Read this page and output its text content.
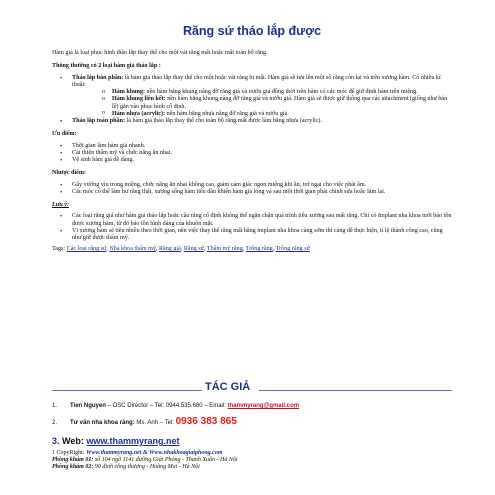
Răng sứ tháo lắp được

Hàm giả là loại phục hình tháo lắp thay thế cho một vài răng mất hoặc mất toàn bộ răng.

Thông thường có 2 loại hàm giả tháo lắp :

• Tháo lắp bán phần: là hàm giả tháo lắp thay thế cho một hoặc vài răng bị mất. Hàm giả sẽ tựa lên một số răng còn lại và trên xương hàm. Có nhiều kĩ thuật:
o Hàm khung: nền hàm bằng khung nâng đỡ răng giả và nướu giả đồng thời trên hàm có các móc để giữ định hàm trên miệng.
o Hàm khung liên kết: nền hàm bằng khung nâng đỡ răng giả và nướu giả. Hàm giả sẽ được giữ thông qua các attachment (giống như bản lề) gắn vào phục hình cố định.
o Hàm nhựa (acrylic): nền hàm bằng nhựa nâng đỡ răng giả và nướu giả
• Tháo lắp toàn phần: là hàm giả tháo lắp thay thế cho toàn bộ răng mất được làm bằng nhựa (acrylic).

Ưu điểm:

• Thời gian làm hàm giả nhanh.
• Cải thiện thẩm mỹ và chức năng ăn nhai.
• Vệ sinh hàm giả dễ dàng.

Nhược điểm:

• Gây vướng víu trong miệng, chức năng ăn nhai không cao, giảm cảm giác ngon miệng khi ăn, trở ngại cho việc phát âm.
• Các móc có thể làm hư răng thật, xương sống hàm tiêu dần khiến hàm giả lỏng và sau một thời gian phải chỉnh sửa hoặc làm lại.

Lưu ý:

• Các loại răng giả như hàm giả tháo lắp hoặc cầu răng cố định không thể ngăn chặn quá trình tiêu xương sau mất răng. Chỉ có Implant nha khoa mới bảo tồn được xương hàm, từ đó bảo tồn hình dáng của khuôn mặt.
• Vì xương hàm sẽ tiêu nhiều theo thời gian, nên việc thay thế răng mất bằng implant nha khoa càng sớm thì càng dễ thực hiện, tỉ lệ thành công cao, cũng như giữ được thẩm mỹ.
Tags: Các loại răng sứ, Nha khoa thẩm mỹ, Răng giả, Răng sứ, Thẩm mỹ răng, Trồng răng, Trồng răng sứ
TÁC GIẢ
1. Tien Nguyen – OSC Director – Tel: 0944.535.680 – Email: thammyrang@gmail.com
2. Tư vấn nha khoa răng: Ms. Anh – Tel: 0936 383 865
3. Web: www.thammyrang.net
1 CopyRight: Www.thammyrang.net & Www.nhakhoagiaiphong.com
Phòng khám 01: số 104 ngõ 1141 đường Giải Phóng - Thanh Xuân - Hà Nội
Phòng khám 02: 90 định công thượng - Hoàng Mai - Hà Nội
